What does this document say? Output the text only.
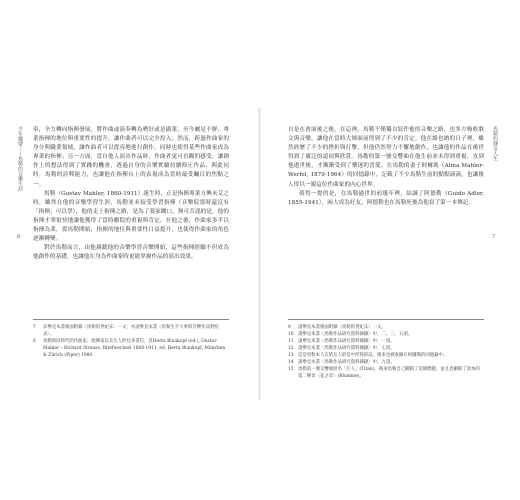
少年魔號——馬勒的音樂生涯
6

奉，全力轉向指揮發展，將作曲或演奏轉為嗜好或是副業，至今屬見不鮮，專業指揮的地位與重要性的提升，讓作曲者可以完全投入；然而，跨過作曲家的身分與職業領域，讓作曲者可以從容地進行創作，同時也使得某些作曲家成為專業的指揮；另一方面，當自他人演出作品時，作曲者更可直觀的感受，讓創作上的想法得到了實踐的機會，透過自身的音樂實驗持續修正作品。與此同時，馬勒的詮釋能力，也讓他在指揮台上的表現成為當時最受矚目的焦點之一。

馬勒（Gustav Mahler, 1860-1911）誕生時，正是指揮專業方興未艾之時，雖然在他的音樂學習生涯，馬勒並未接受學習指揮（音樂院那時還沒有「指揮」可以學），他的走上指揮之路，是為了養家餬口，無可否認的是，他的指揮才華很快地讓他獲得了當時劇院的重視與肯定。在他之後，作曲家多半以指揮為業，從馬勒開始，指揮的地位與重要性日益提升，也使得作曲家的角色逐漸轉變。

對於馬勒而言，由他親聽他的音樂學習音樂開始，這些指揮經驗不但成為他創作的基礎，也讓他在身為作曲家時更能掌握作品的演出效果。

7	詳參見本書後面附錄〈馬勒的世紀末〉一文；亦請參見本書〈馬勒生平大事與音樂作品對照表〉。
8	馬勒與同時代的作曲家、指揮家以及友人的往來書信，見Herta Blaukopf (ed.), Gustav Mahler – Richard Strauss, Briefwechsel 1888-1911, ed. Herta Blaukopf, München & Zürich (Piper) 1980.
馬勒的傳奇人生
7

自是在會面後之後，在這裡，馬勒不僅獨自寫作他的音樂之路，也多方吸收歌文與音樂，讓他在當時大師面前得到了不少的肯定。他在維也納的日子裡，雖然經歷了不少的挫折與打擊，但他仍然努力不懈地創作，也讓他的作品在後世得到了廣泛的認同與欣賞。馬勒的第一號交響曲在他生前並未得到重視，直到他逝世後，才漸漸受到了樂迷的喜愛。在馬勒的妻子阿爾瑪（Alma Mahler-Werfel, 1879-1964）的回憶錄中，記載了不少馬勒生前的點點滴滴，也讓後人得以一窺這位作曲家的內心世界。

值得一提的是，在馬勒過世的前幾年裡，結識了阿德勒（Guido Adler, 1855-1941），兩人成為好友，阿德勒也在馬勒死後為他寫了第一本傳記。

9	請參見本書後面附錄〈馬勒的世紀末〉一文。
10	請參見本書〈馬勒作品研究資料摘錄〉中，二、三、五項。
11	請參見本書〈馬勒作品研究資料摘錄〉中，一項。
12	請參見本書〈馬勒作品研究資料摘錄〉中，七項。
13	這是馬勒本人在給友人的信中所寫的話，後來也被收錄在阿爾瑪的回憶錄中。
14	請參見本書〈馬勒作品研究資料摘錄〉中，九項。
15	馬勒第一號交響曲原名「巨人」(Titan)，後來馬勒自己刪除了這個標題，並且也刪除了原本的第二樂章〈花之章〉(Blumine)。
